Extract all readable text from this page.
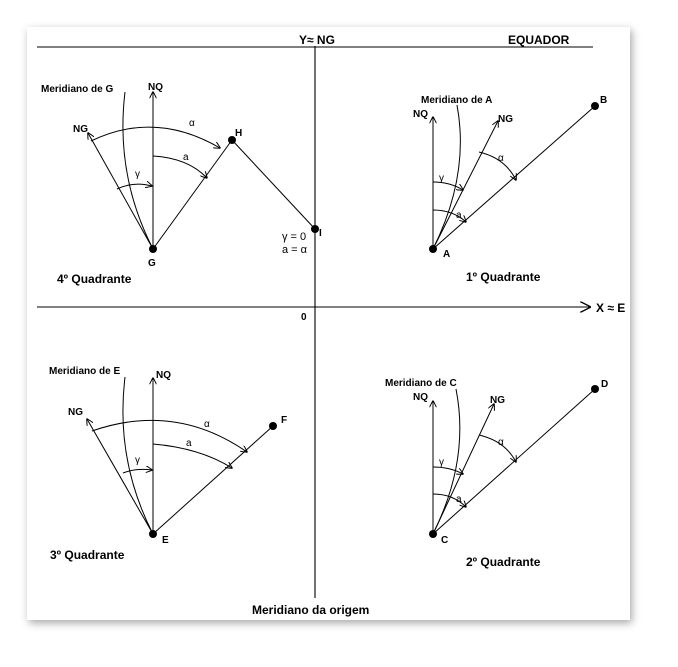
Y≈ NG	EQUADOR
X ≈ E
0
Meridiano da origem
Meridiano de G	NQ
NG
α
a
γ
G
H
4º Quadrante
I
γ = 0
a = α
Meridiano de A
NQ	NG
α
a
γ
A
B
1º Quadrante
Meridiano de E	NQ
NG
α
a
γ
E
F
3º Quadrante
Meridiano de C
NQ	NG
α
a
γ
C
D
2º Quadrante
